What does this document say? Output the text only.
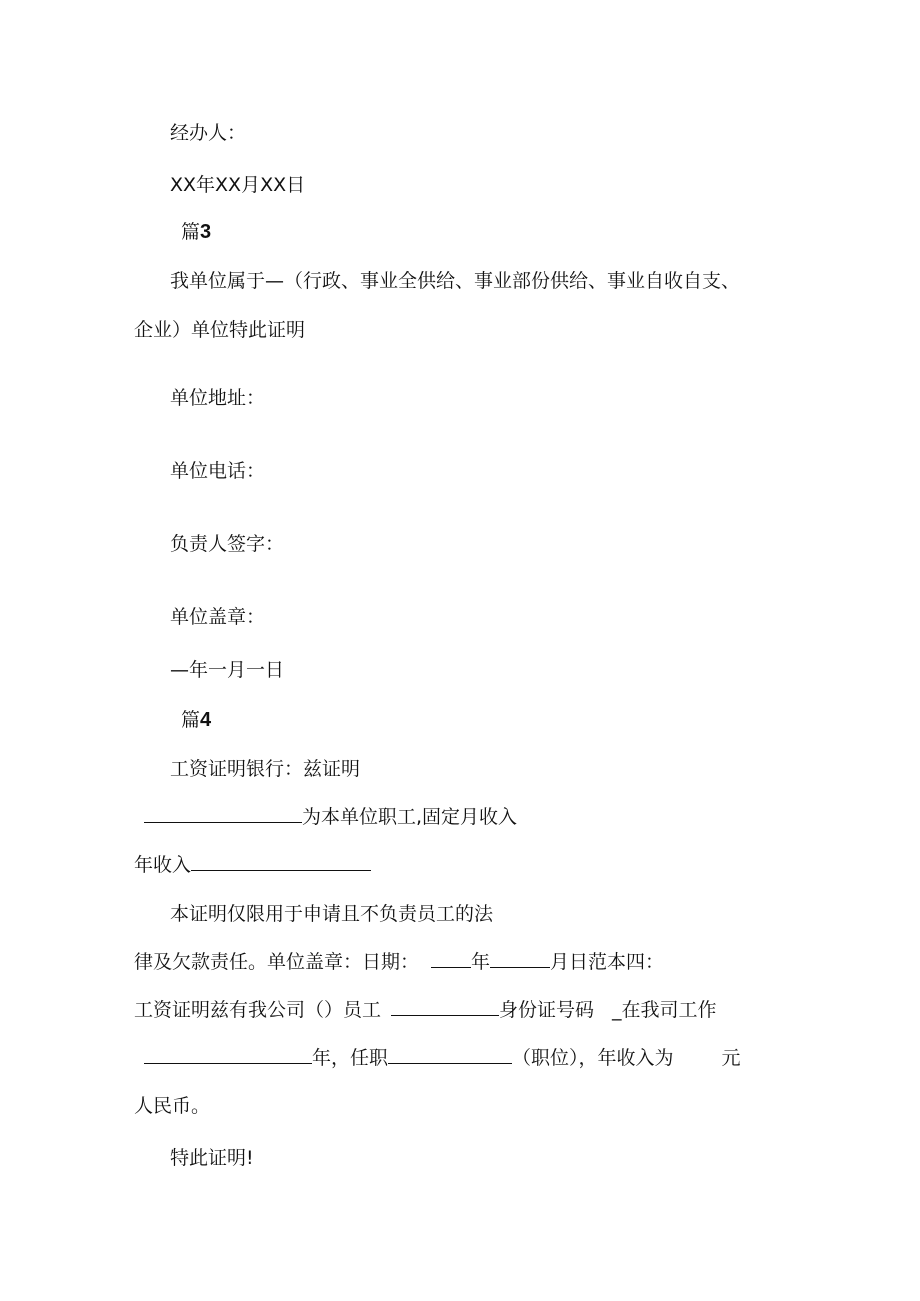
经办人：
XX年XX月XX日
篇3
我单位属于—（行政、事业全供给、事业部份供给、事业自收自支、
企业）单位特此证明
单位地址：
单位电话：
负责人签字：
单位盖章：
—年一月一日
篇4
工资证明银行：兹证明
为本单位职工,固定月收入
年收入
本证明仅限用于申请且不负责员工的法
律及欠款责任。单位盖章：日期：	年	月日范本四：
工资证明兹有我公司（）员工	身份证号码 _在我司工作
年，任职	（职位），年收入为	元
人民币。
特此证明!
